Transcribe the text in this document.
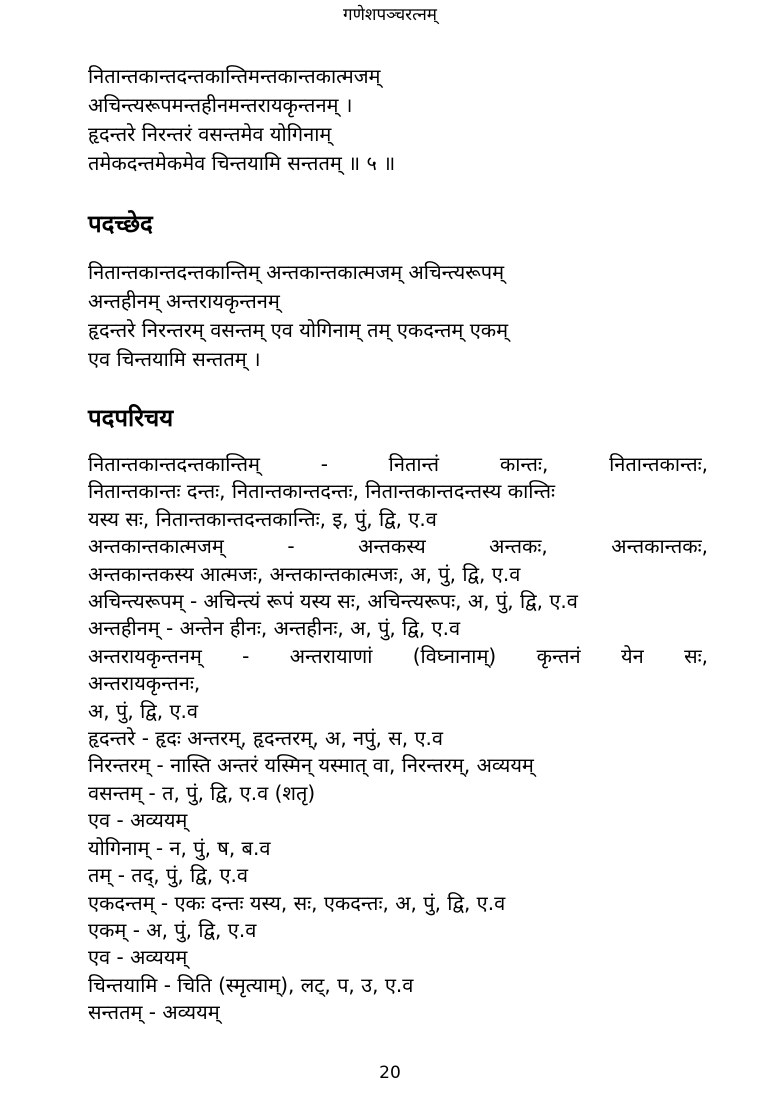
गणेशपञ्चरत्नम्
नितान्तकान्तदन्तकान्तिमन्तकान्तकात्मजम्
अचिन्त्यरूपमन्तहीनमन्तरायकृन्तनम् ।
हृदन्तरे निरन्तरं वसन्तमेव योगिनाम्
तमेकदन्तमेकमेव चिन्तयामि सन्ततम् ॥ ५ ॥
पदच्छेद
नितान्तकान्तदन्तकान्तिम् अन्तकान्तकात्मजम् अचिन्त्यरूपम्
अन्तहीनम् अन्तरायकृन्तनम्
हृदन्तरे निरन्तरम् वसन्तम् एव योगिनाम् तम् एकदन्तम् एकम्
एव चिन्तयामि सन्ततम् ।
पदपरिचय
नितान्तकान्तदन्तकान्तिम् - नितान्तं कान्तः, नितान्तकान्तः,
नितान्तकान्तः दन्तः, नितान्तकान्तदन्तः, नितान्तकान्तदन्तस्य कान्तिः
यस्य सः, नितान्तकान्तदन्तकान्तिः, इ, पुं, द्वि, ए.व
अन्तकान्तकात्मजम् - अन्तकस्य अन्तकः, अन्तकान्तकः,
अन्तकान्तकस्य आत्मजः, अन्तकान्तकात्मजः, अ, पुं, द्वि, ए.व
अचिन्त्यरूपम् - अचिन्त्यं रूपं यस्य सः, अचिन्त्यरूपः, अ, पुं, द्वि, ए.व
अन्तहीनम् - अन्तेन हीनः, अन्तहीनः, अ, पुं, द्वि, ए.व
अन्तरायकृन्तनम् - अन्तरायाणां (विघ्नानाम्) कृन्तनं येन सः,
अन्तरायकृन्तनः,
अ, पुं, द्वि, ए.व
हृदन्तरे - हृदः अन्तरम्, हृदन्तरम्, अ, नपुं, स, ए.व
निरन्तरम् - नास्ति अन्तरं यस्मिन् यस्मात् वा, निरन्तरम्, अव्ययम्
वसन्तम् - त, पुं, द्वि, ए.व (शतृ)
एव - अव्ययम्
योगिनाम् - न, पुं, ष, ब.व
तम् - तद्, पुं, द्वि, ए.व
एकदन्तम् - एकः दन्तः यस्य, सः, एकदन्तः, अ, पुं, द्वि, ए.व
एकम् - अ, पुं, द्वि, ए.व
एव - अव्ययम्
चिन्तयामि - चिति (स्मृत्याम्), लट्, प, उ, ए.व
सन्ततम् - अव्ययम्
20
